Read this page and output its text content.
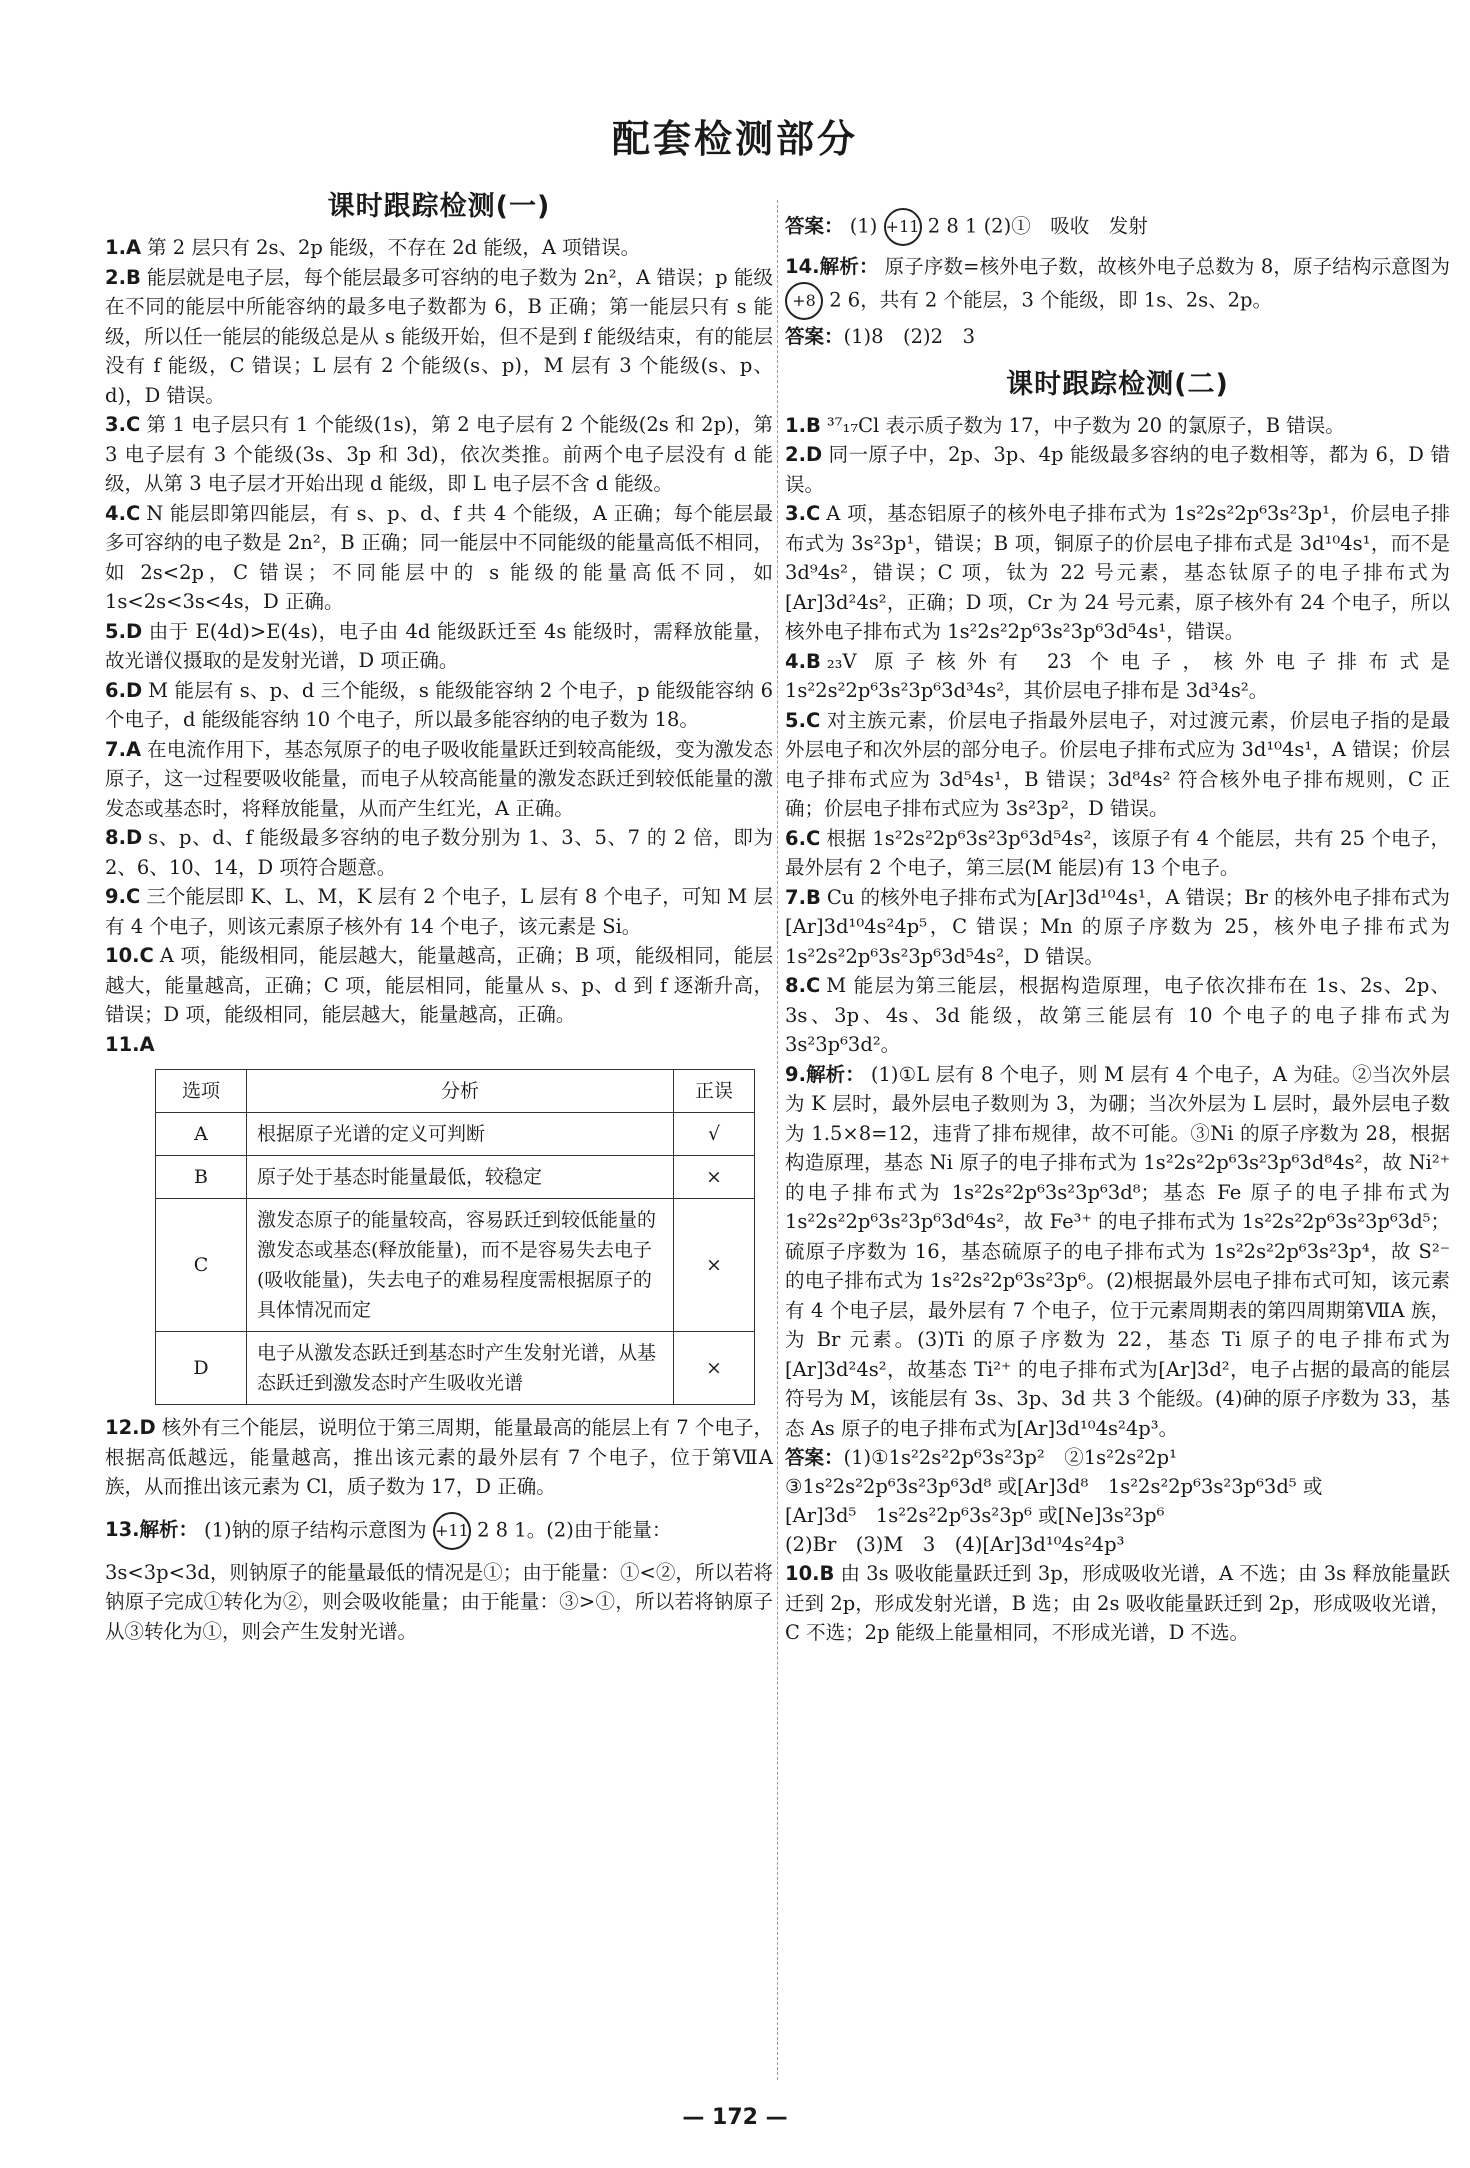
配套检测部分
课时跟踪检测(一)

1.A 第 2 层只有 2s、2p 能级，不存在 2d 能级，A 项错误。

2.B 能层就是电子层，每个能层最多可容纳的电子数为 2n²，A 错误；p 能级在不同的能层中所能容纳的最多电子数都为 6，B 正确；第一能层只有 s 能级，所以任一能层的能级总是从 s 能级开始，但不是到 f 能级结束，有的能层没有 f 能级，C 错误；L 层有 2 个能级(s、p)，M 层有 3 个能级(s、p、d)，D 错误。

3.C 第 1 电子层只有 1 个能级(1s)，第 2 电子层有 2 个能级(2s 和 2p)，第 3 电子层有 3 个能级(3s、3p 和 3d)，依次类推。前两个电子层没有 d 能级，从第 3 电子层才开始出现 d 能级，即 L 电子层不含 d 能级。

4.C N 能层即第四能层，有 s、p、d、f 共 4 个能级，A 正确；每个能层最多可容纳的电子数是 2n²，B 正确；同一能层中不同能级的能量高低不相同，如 2s<2p，C 错误；不同能层中的 s 能级的能量高低不同，如 1s<2s<3s<4s，D 正确。

5.D 由于 E(4d)>E(4s)，电子由 4d 能级跃迁至 4s 能级时，需释放能量，故光谱仪摄取的是发射光谱，D 项正确。

6.D M 能层有 s、p、d 三个能级，s 能级能容纳 2 个电子，p 能级能容纳 6 个电子，d 能级能容纳 10 个电子，所以最多能容纳的电子数为 18。

7.A 在电流作用下，基态氖原子的电子吸收能量跃迁到较高能级，变为激发态原子，这一过程要吸收能量，而电子从较高能量的激发态跃迁到较低能量的激发态或基态时，将释放能量，从而产生红光，A 正确。

8.D s、p、d、f 能级最多容纳的电子数分别为 1、3、5、7 的 2 倍，即为 2、6、10、14，D 项符合题意。

9.C 三个能层即 K、L、M，K 层有 2 个电子，L 层有 8 个电子，可知 M 层有 4 个电子，则该元素原子核外有 14 个电子，该元素是 Si。

10.C A 项，能级相同，能层越大，能量越高，正确；B 项，能级相同，能层越大，能量越高，正确；C 项，能层相同，能量从 s、p、d 到 f 逐渐升高，错误；D 项，能级相同，能层越大，能量越高，正确。

11.A
选项	分析	正误
A	根据原子光谱的定义可判断	√
B	原子处于基态时能量最低，较稳定	×
C	激发态原子的能量较高，容易跃迁到较低能量的激发态或基态(释放能量)，而不是容易失去电子(吸收能量)，失去电子的难易程度需根据原子的具体情况而定	×
D	电子从激发态跃迁到基态时产生发射光谱，从基态跃迁到激发态时产生吸收光谱	×

12.D 核外有三个能层，说明位于第三周期，能量最高的能层上有 7 个电子，根据高低越远，能量越高，推出该元素的最外层有 7 个电子，位于第ⅦA 族，从而推出该元素为 Cl，质子数为 17，D 正确。

13.解析： (1)钠的原子结构示意图为 +11 2 8 1。(2)由于能量：

3s<3p<3d，则钠原子的能量最低的情况是①；由于能量：①<②，所以若将钠原子完成①转化为②，则会吸收能量；由于能量：③>①，所以若将钠原子从③转化为①，则会产生发射光谱。

答案： (1) +11 2 8 1 (2)①　吸收　发射

14.解析： 原子序数=核外电子数，故核外电子总数为 8，原子结构示意图为 +8 2 6，共有 2 个能层，3 个能级，即 1s、2s、2p。

答案：(1)8　(2)2　3
课时跟踪检测(二)

1.B ³⁷₁₇Cl 表示质子数为 17，中子数为 20 的氯原子，B 错误。

2.D 同一原子中，2p、3p、4p 能级最多容纳的电子数相等，都为 6，D 错误。

3.C A 项，基态铝原子的核外电子排布式为 1s²2s²2p⁶3s²3p¹，价层电子排布式为 3s²3p¹，错误；B 项，铜原子的价层电子排布式是 3d¹⁰4s¹，而不是 3d⁹4s²，错误；C 项，钛为 22 号元素，基态钛原子的电子排布式为[Ar]3d²4s²，正确；D 项，Cr 为 24 号元素，原子核外有 24 个电子，所以核外电子排布式为 1s²2s²2p⁶3s²3p⁶3d⁵4s¹，错误。

4.B ₂₃V 原子核外有 23 个电子，核外电子排布式是 1s²2s²2p⁶3s²3p⁶3d³4s²，其价层电子排布是 3d³4s²。

5.C 对主族元素，价层电子指最外层电子，对过渡元素，价层电子指的是最外层电子和次外层的部分电子。价层电子排布式应为 3d¹⁰4s¹，A 错误；价层电子排布式应为 3d⁵4s¹，B 错误；3d⁸4s² 符合核外电子排布规则，C 正确；价层电子排布式应为 3s²3p²，D 错误。

6.C 根据 1s²2s²2p⁶3s²3p⁶3d⁵4s²，该原子有 4 个能层，共有 25 个电子，最外层有 2 个电子，第三层(M 能层)有 13 个电子。

7.B Cu 的核外电子排布式为[Ar]3d¹⁰4s¹，A 错误；Br 的核外电子排布式为[Ar]3d¹⁰4s²4p⁵，C 错误；Mn 的原子序数为 25，核外电子排布式为 1s²2s²2p⁶3s²3p⁶3d⁵4s²，D 错误。

8.C M 能层为第三能层，根据构造原理，电子依次排布在 1s、2s、2p、3s、3p、4s、3d 能级，故第三能层有 10 个电子的电子排布式为 3s²3p⁶3d²。

9.解析： (1)①L 层有 8 个电子，则 M 层有 4 个电子，A 为硅。②当次外层为 K 层时，最外层电子数则为 3，为硼；当次外层为 L 层时，最外层电子数为 1.5×8=12，违背了排布规律，故不可能。③Ni 的原子序数为 28，根据构造原理，基态 Ni 原子的电子排布式为 1s²2s²2p⁶3s²3p⁶3d⁸4s²，故 Ni²⁺ 的电子排布式为 1s²2s²2p⁶3s²3p⁶3d⁸；基态 Fe 原子的电子排布式为 1s²2s²2p⁶3s²3p⁶3d⁶4s²，故 Fe³⁺ 的电子排布式为 1s²2s²2p⁶3s²3p⁶3d⁵；硫原子序数为 16，基态硫原子的电子排布式为 1s²2s²2p⁶3s²3p⁴，故 S²⁻ 的电子排布式为 1s²2s²2p⁶3s²3p⁶。(2)根据最外层电子排布式可知，该元素有 4 个电子层，最外层有 7 个电子，位于元素周期表的第四周期第ⅦA 族，为 Br 元素。(3)Ti 的原子序数为 22，基态 Ti 原子的电子排布式为[Ar]3d²4s²，故基态 Ti²⁺ 的电子排布式为[Ar]3d²，电子占据的最高的能层符号为 M，该能层有 3s、3p、3d 共 3 个能级。(4)砷的原子序数为 33，基态 As 原子的电子排布式为[Ar]3d¹⁰4s²4p³。

答案：(1)①1s²2s²2p⁶3s²3p²　②1s²2s²2p¹
③1s²2s²2p⁶3s²3p⁶3d⁸ 或[Ar]3d⁸　1s²2s²2p⁶3s²3p⁶3d⁵ 或
[Ar]3d⁵　1s²2s²2p⁶3s²3p⁶ 或[Ne]3s²3p⁶
(2)Br　(3)M　3　(4)[Ar]3d¹⁰4s²4p³

10.B 由 3s 吸收能量跃迁到 3p，形成吸收光谱，A 不选；由 3s 释放能量跃迁到 2p，形成发射光谱，B 选；由 2s 吸收能量跃迁到 2p，形成吸收光谱，C 不选；2p 能级上能量相同，不形成光谱，D 不选。

— 172 —
